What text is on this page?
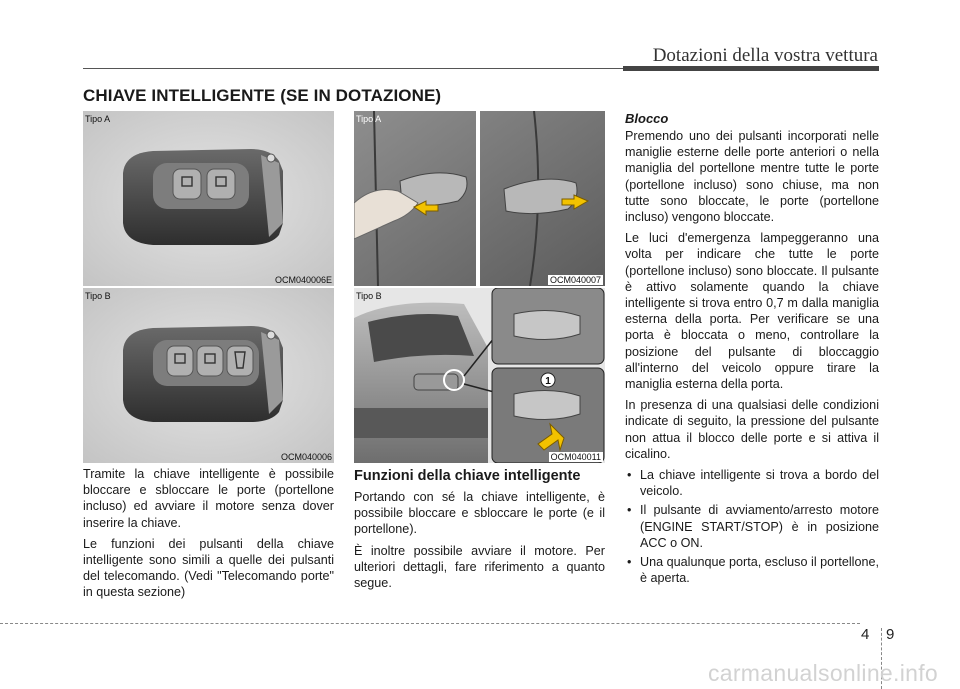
Dotazioni della vostra vettura
CHIAVE INTELLIGENTE (SE IN DOTAZIONE)
Tipo A
OCM040006E
Tipo B
OCM040006
Tipo A
OCM040007
1
Tipo B
OCM040011

Tramite la chiave intelligente è possibile bloccare e sbloccare le porte (portellone incluso) ed avviare il motore senza dover inserire la chiave.

Le funzioni dei pulsanti della chiave intelligente sono simili a quelle dei pulsanti del telecomando. (Vedi "Telecomando porte" in questa sezione)

Funzioni della chiave intelligente

Portando con sé la chiave intelligente, è possibile bloccare e sbloccare le porte (e il portellone).

È inoltre possibile avviare il motore. Per ulteriori dettagli, fare riferimento a quanto segue.

Blocco

Premendo uno dei pulsanti incorporati nelle maniglie esterne delle porte anteriori o nella maniglia del portellone mentre tutte le porte (portellone incluso) sono chiuse, ma non tutte sono bloccate, le porte (portellone incluso) vengono bloccate.

Le luci d'emergenza lampeggeranno una volta per indicare che tutte le porte (portellone incluso) sono bloccate. Il pulsante è attivo solamente quando la chiave intelligente si trova entro 0,7 m dalla maniglia esterna della porta. Per verificare se una porta è bloccata o meno, controllare la posizione del pulsante di bloccaggio all'interno del veicolo oppure tirare la maniglia esterna della porta.

In presenza di una qualsiasi delle condizioni indicate di seguito, la pressione del pulsante non attua il blocco delle porte e si attiva il cicalino.

• La chiave intelligente si trova a bordo del veicolo.
• Il pulsante di avviamento/arresto motore (ENGINE START/STOP) è in posizione ACC o ON.
• Una qualunque porta, escluso il portellone, è aperta.
4 9
carmanualsonline.info
